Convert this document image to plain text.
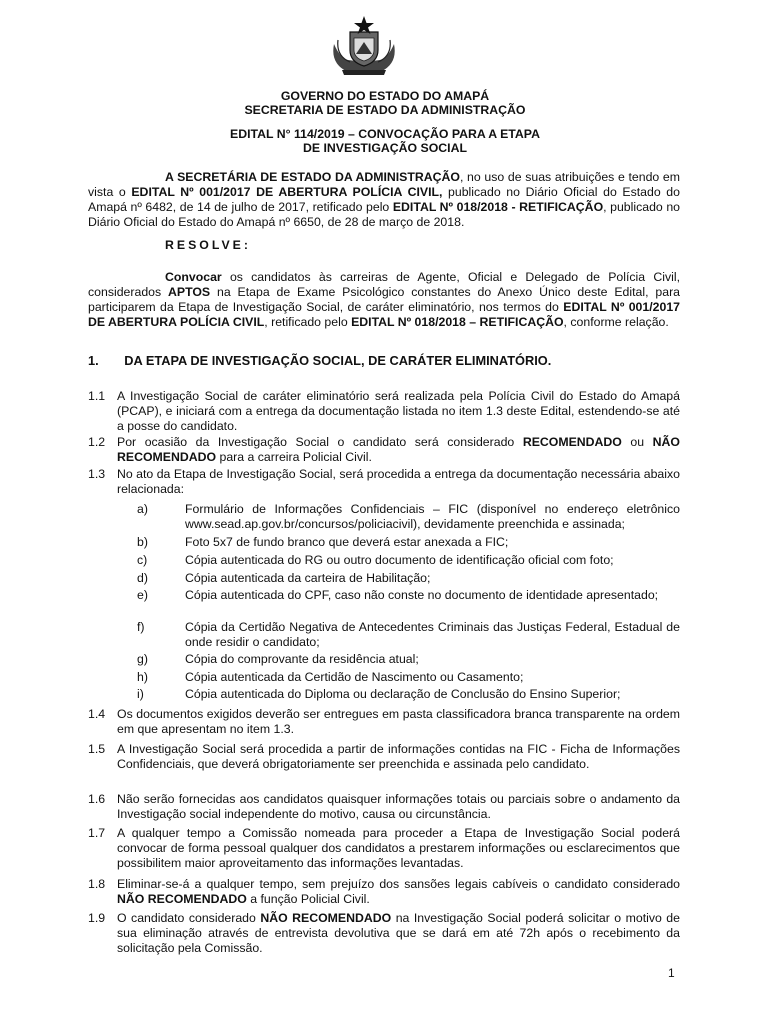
GOVERNO DO ESTADO DO AMAPÁ
SECRETARIA DE ESTADO DA ADMINISTRAÇÃO
EDITAL N° 114/2019 – CONVOCAÇÃO PARA A ETAPA
DE INVESTIGAÇÃO SOCIAL
A SECRETÁRIA DE ESTADO DA ADMINISTRAÇÃO, no uso de suas atribuições e tendo em vista o EDITAL Nº 001/2017 DE ABERTURA POLÍCIA CIVIL, publicado no Diário Oficial do Estado do Amapá nº 6482, de 14 de julho de 2017, retificado pelo EDITAL Nº 018/2018 - RETIFICAÇÃO, publicado no Diário Oficial do Estado do Amapá nº 6650, de 28 de março de 2018.
RESOLVE:
Convocar os candidatos às carreiras de Agente, Oficial e Delegado de Polícia Civil, considerados APTOS na Etapa de Exame Psicológico constantes do Anexo Único deste Edital, para participarem da Etapa de Investigação Social, de caráter eliminatório, nos termos do EDITAL Nº 001/2017 DE ABERTURA POLÍCIA CIVIL, retificado pelo EDITAL Nº 018/2018 – RETIFICAÇÃO, conforme relação.
1. DA ETAPA DE INVESTIGAÇÃO SOCIAL, DE CARÁTER ELIMINATÓRIO.
1.1 A Investigação Social de caráter eliminatório será realizada pela Polícia Civil do Estado do Amapá (PCAP), e iniciará com a entrega da documentação listada no item 1.3 deste Edital, estendendo-se até a posse do candidato.
1.2 Por ocasião da Investigação Social o candidato será considerado RECOMENDADO ou NÃO RECOMENDADO para a carreira Policial Civil.
1.3 No ato da Etapa de Investigação Social, será procedida a entrega da documentação necessária abaixo relacionada:
a)	Formulário de Informações Confidenciais – FIC (disponível no endereço eletrônico www.sead.ap.gov.br/concursos/policiacivil), devidamente preenchida e assinada;
b)	Foto 5x7 de fundo branco que deverá estar anexada a FIC;
c)	Cópia autenticada do RG ou outro documento de identificação oficial com foto;
d)	Cópia autenticada da carteira de Habilitação;
e)	Cópia autenticada do CPF, caso não conste no documento de identidade apresentado;
f)	Cópia da Certidão Negativa de Antecedentes Criminais das Justiças Federal, Estadual de onde residir o candidato;
g)	Cópia do comprovante da residência atual;
h)	Cópia autenticada da Certidão de Nascimento ou Casamento;
i)	Cópia autenticada do Diploma ou declaração de Conclusão do Ensino Superior;
1.4 Os documentos exigidos deverão ser entregues em pasta classificadora branca transparente na ordem em que apresentam no item 1.3.
1.5 A Investigação Social será procedida a partir de informações contidas na FIC - Ficha de Informações Confidenciais, que deverá obrigatoriamente ser preenchida e assinada pelo candidato.
1.6 Não serão fornecidas aos candidatos quaisquer informações totais ou parciais sobre o andamento da Investigação social independente do motivo, causa ou circunstância.
1.7 A qualquer tempo a Comissão nomeada para proceder a Etapa de Investigação Social poderá convocar de forma pessoal qualquer dos candidatos a prestarem informações ou esclarecimentos que possibilitem maior aproveitamento das informações levantadas.
1.8 Eliminar-se-á a qualquer tempo, sem prejuízo dos sansões legais cabíveis o candidato considerado NÃO RECOMENDADO a função Policial Civil.
1.9 O candidato considerado NÃO RECOMENDADO na Investigação Social poderá solicitar o motivo de sua eliminação através de entrevista devolutiva que se dará em até 72h após o recebimento da solicitação pela Comissão.
1
